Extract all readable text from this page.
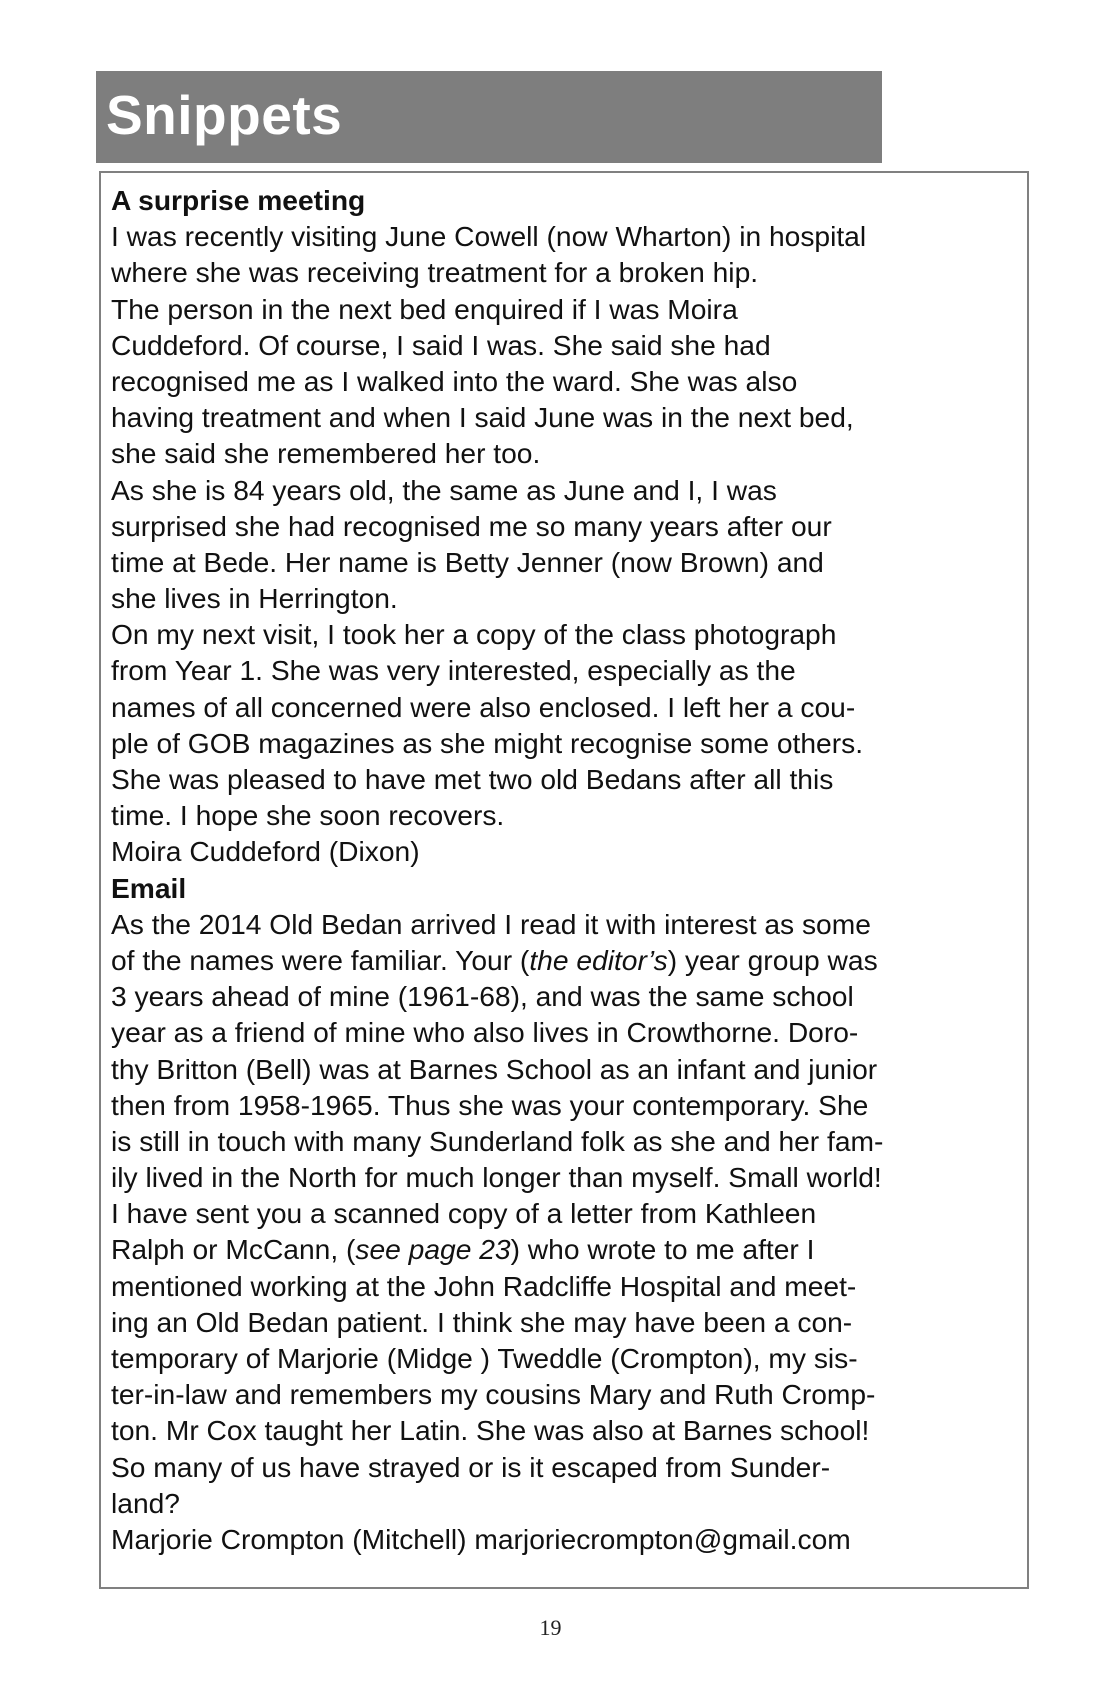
Snippets
A surprise meeting
I was recently visiting June Cowell (now Wharton) in hospital
where she was receiving treatment for a broken hip.
The person in the next bed enquired if I was Moira
Cuddeford. Of course, I said I was. She said she had
recognised me as I walked into the ward. She was also
having treatment and when I said June was in the next bed,
she said she remembered her too.
As she is 84 years old, the same as June and I, I was
surprised she had recognised me so many years after our
time at Bede. Her name is Betty Jenner (now Brown) and
she lives in Herrington.
On my next visit, I took her a copy of the class photograph
from Year 1. She was very interested, especially as the
names of all concerned were also enclosed. I left her a cou-
ple of GOB magazines as she might recognise some others.
She was pleased to have met two old Bedans after all this
time. I hope she soon recovers.
Moira Cuddeford (Dixon)
Email
As the 2014 Old Bedan arrived I read it with interest as some
of the names were familiar. Your (the editor’s) year group was
3 years ahead of mine (1961-68), and was the same school
year as a friend of mine who also lives in Crowthorne. Doro-
thy Britton (Bell) was at Barnes School as an infant and junior
then from 1958-1965. Thus she was your contemporary. She
is still in touch with many Sunderland folk as she and her fam-
ily lived in the North for much longer than myself. Small world!
I have sent you a scanned copy of a letter from Kathleen
Ralph or McCann, (see page 23) who wrote to me after I
mentioned working at the John Radcliffe Hospital and meet-
ing an Old Bedan patient. I think she may have been a con-
temporary of Marjorie (Midge ) Tweddle (Crompton), my sis-
ter-in-law and remembers my cousins Mary and Ruth Cromp-
ton. Mr Cox taught her Latin. She was also at Barnes school!
So many of us have strayed or is it escaped from Sunder-
land?
Marjorie Crompton (Mitchell) marjoriecrompton@gmail.com
19
